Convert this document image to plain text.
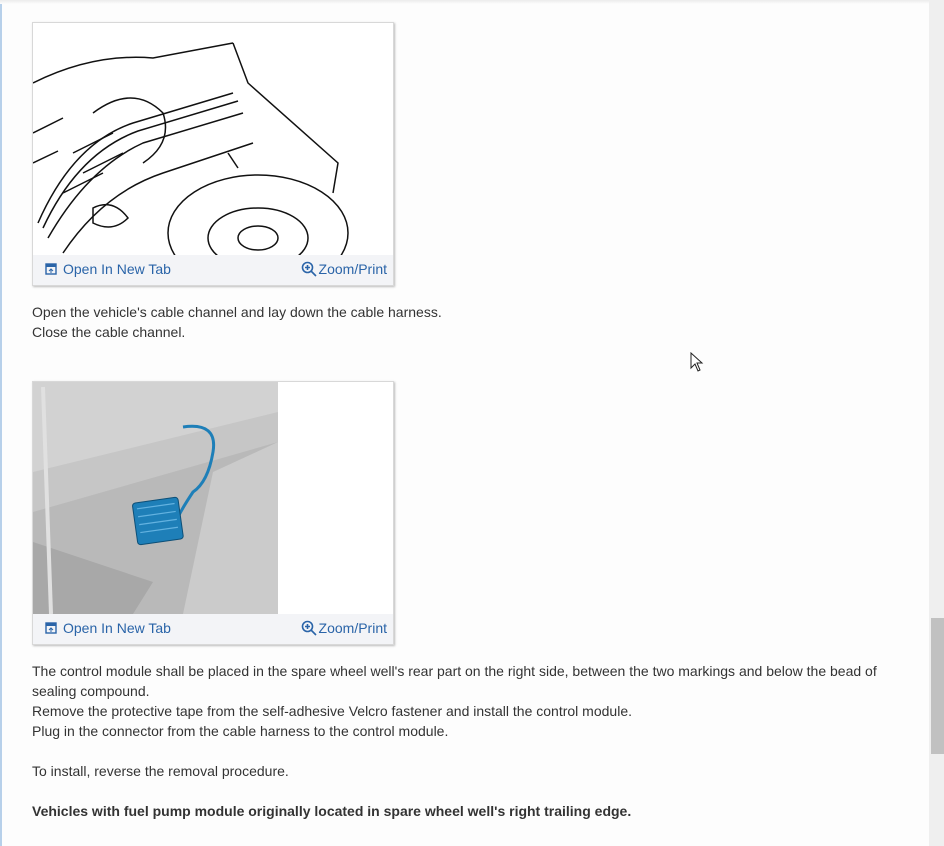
Open In New Tab	Zoom/Print
Open the vehicle's cable channel and lay down the cable harness.
Close the cable channel.
Open In New Tab	Zoom/Print
The control module shall be placed in the spare wheel well's rear part on the right side, between the two markings and below the bead of sealing compound.
Remove the protective tape from the self-adhesive Velcro fastener and install the control module.
Plug in the connector from the cable harness to the control module.
To install, reverse the removal procedure.
Vehicles with fuel pump module originally located in spare wheel well's right trailing edge.
